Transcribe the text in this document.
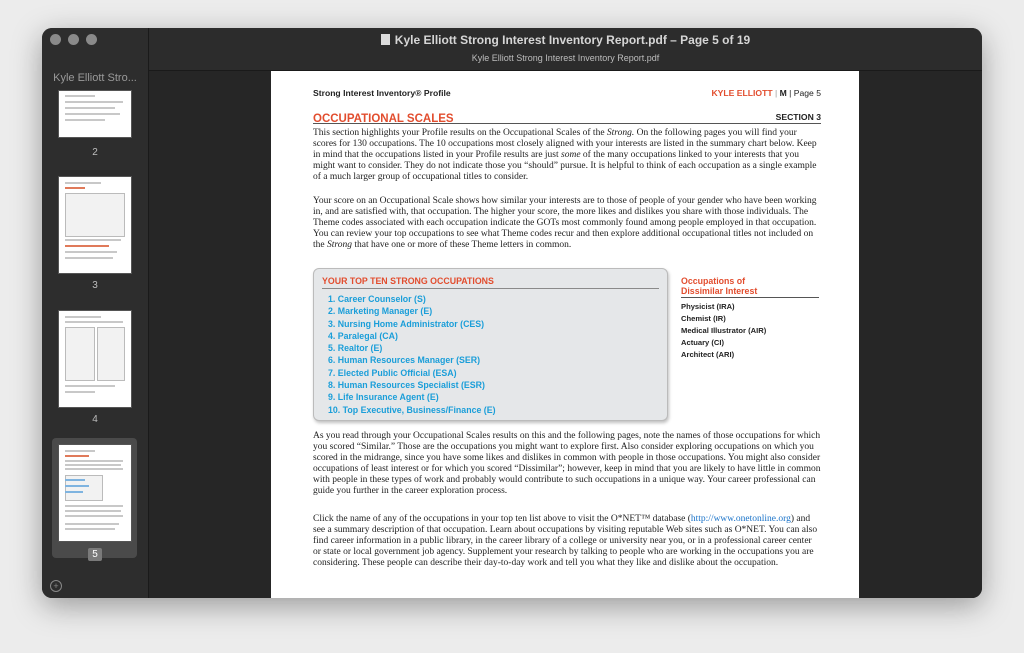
Kyle Elliott Stro...
2
3
4
5
+
Kyle Elliott Strong Interest Inventory Report.pdf – Page 5 of 19
Kyle Elliott Strong Interest Inventory Report.pdf
Strong Interest Inventory® Profile	KYLE ELLIOTT | M | Page 5
OCCUPATIONAL SCALES	SECTION 3

This section highlights your Profile results on the Occupational Scales of the Strong. On the following pages you will find your scores for 130 occupations. The 10 occupations most closely aligned with your interests are listed in the summary chart below. Keep in mind that the occupations listed in your Profile results are just some of the many occupations linked to your interests that you might want to consider. They do not indicate those you “should” pursue. It is helpful to think of each occupation as a single example of a much larger group of occupational titles to consider.

Your score on an Occupational Scale shows how similar your interests are to those of people of your gender who have been working in, and are satisfied with, that occupation. The higher your score, the more likes and dislikes you share with those individuals. The Theme codes associated with each occupation indicate the GOTs most commonly found among people employed in that occupation. You can review your top occupations to see what Theme codes recur and then explore additional occupational titles not included on the Strong that have one or more of these Theme letters in common.

YOUR TOP TEN STRONG OCCUPATIONS
1. Career Counselor (S)
2. Marketing Manager (E)
3. Nursing Home Administrator (CES)
4. Paralegal (CA)
5. Realtor (E)
6. Human Resources Manager (SER)
7. Elected Public Official (ESA)
8. Human Resources Specialist (ESR)
9. Life Insurance Agent (E)
10. Top Executive, Business/Finance (E)
Occupations of
Dissimilar Interest
Physicist (IRA)
Chemist (IR)
Medical Illustrator (AIR)
Actuary (CI)
Architect (ARI)

As you read through your Occupational Scales results on this and the following pages, note the names of those occupations for which you scored “Similar.” Those are the occupations you might want to explore first. Also consider exploring occupations on which you scored in the midrange, since you have some likes and dislikes in common with people in those occupations. You might also consider occupations of least interest or for which you scored “Dissimilar”; however, keep in mind that you are likely to have little in common with people in these types of work and probably would contribute to such occupations in a unique way. Your career professional can guide you further in the career exploration process.

Click the name of any of the occupations in your top ten list above to visit the O*NET™ database (http://www.onetonline.org) and see a summary description of that occupation. Learn about occupations by visiting reputable Web sites such as O*NET. You can also find career information in a public library, in the career library of a college or university near you, or in a professional career center or state or local government job agency. Supplement your research by talking to people who are working in the occupations you are considering. These people can describe their day-to-day work and tell you what they like and dislike about the occupation.
